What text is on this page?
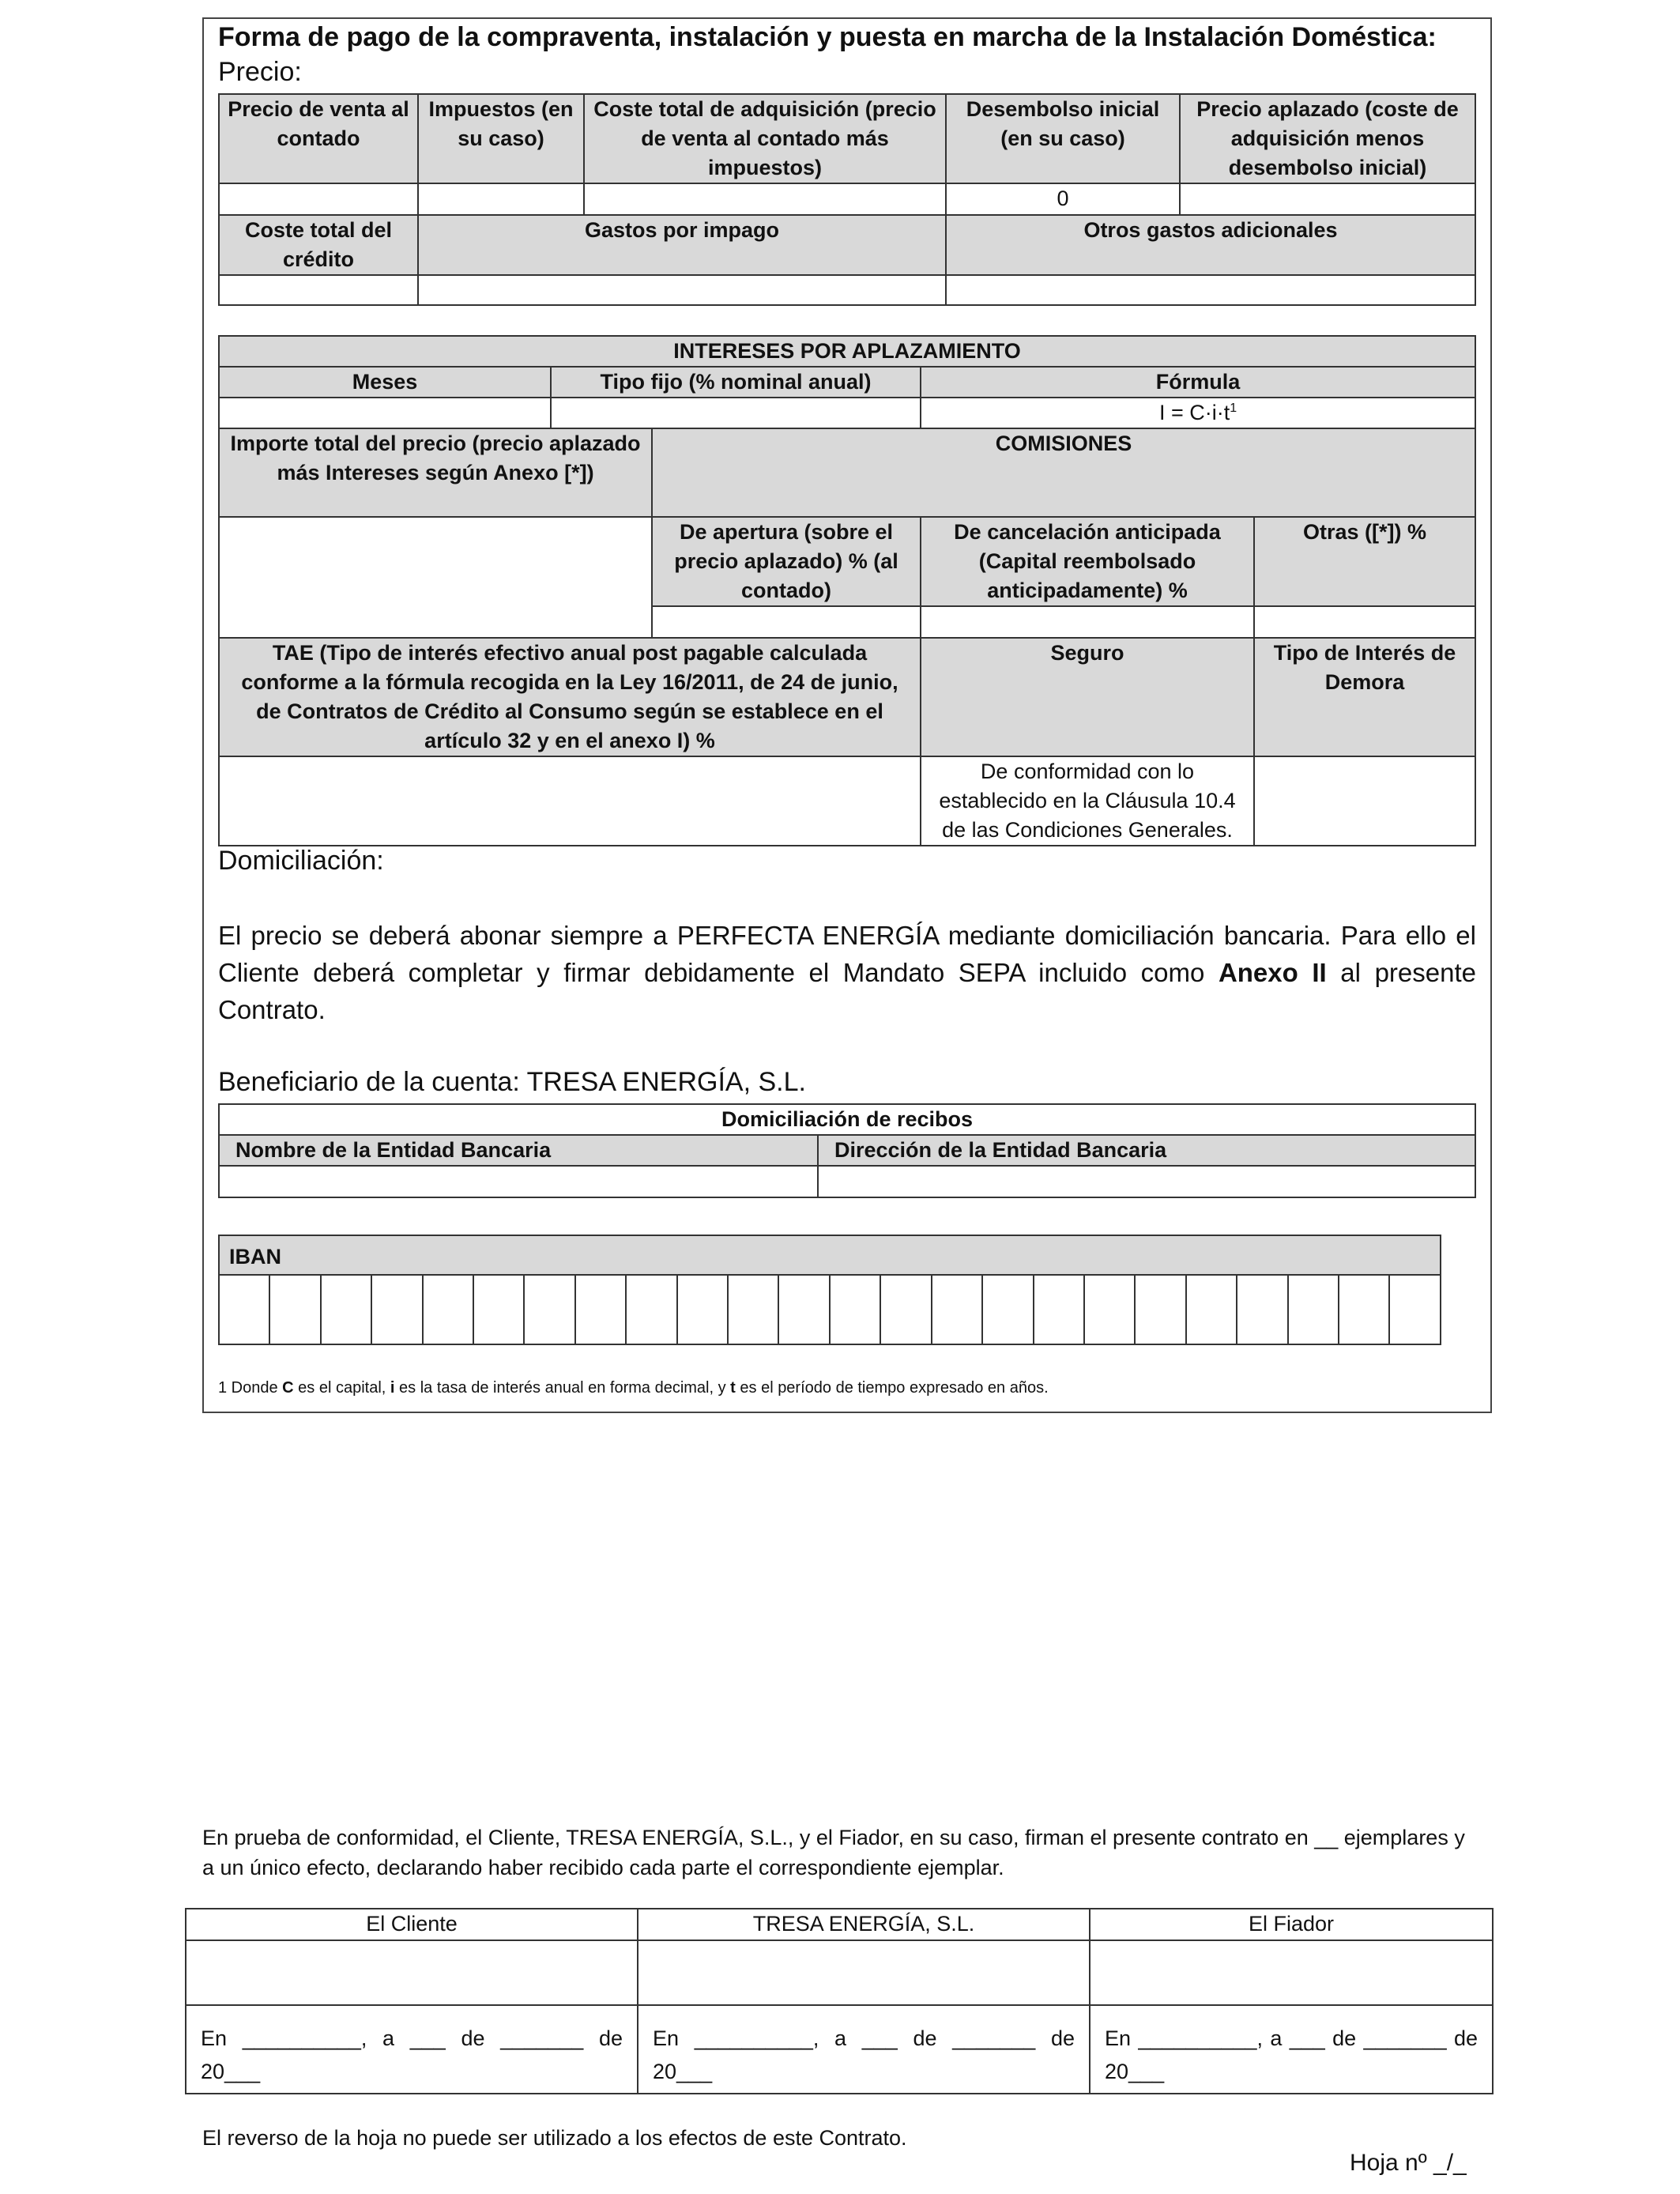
Forma de pago de la compraventa, instalación y puesta en marcha de la Instalación Doméstica:
Precio:
Precio de venta al contado	Impuestos (en su caso)	Coste total de adquisición (precio de venta al contado más impuestos)	Desembolso inicial (en su caso)	Precio aplazado (coste de adquisición menos desembolso inicial)
			0	
Coste total del crédito	Gastos por impago		Otros gastos adicionales	

INTERESES POR APLAZAMIENTO				
Meses	Tipo fijo (% nominal anual)		Fórmula	
			$I = C\cdot i\cdot t^1$
Importe total del precio (precio aplazado más Intereses según Anexo [*])		COMISIONES		
		De apertura (sobre el precio aplazado) % (al contado)	De cancelación anticipada (Capital reembolsado anticipadamente) %	Otras ([*]) %

TAE (Tipo de interés efectivo anual post pagable calculada conforme a la fórmula recogida en la Ley 16/2011, de 24 de junio, de Contratos de Crédito al Consumo según se establece en el artículo 32 y en el anexo I) %			Seguro	Tipo de Interés de Demora
			De conformidad con lo establecido en la Cláusula 10.4 de las Condiciones Generales.	
Domiciliación:
El precio se deberá abonar siempre a PERFECTA ENERGÍA mediante domiciliación bancaria. Para ello el Cliente deberá completar y firmar debidamente el Mandato SEPA incluido como Anexo II al presente Contrato.
Beneficiario de la cuenta: TRESA ENERGÍA, S.L.
Domiciliación de recibos	
Nombre de la Entidad Bancaria	Dirección de la Entidad Bancaria

IBAN

1 Donde C es el capital, i es la tasa de interés anual en forma decimal, y t es el período de tiempo expresado en años.
En prueba de conformidad, el Cliente, TRESA ENERGÍA, S.L., y el Fiador, en su caso, firman el presente contrato en __ ejemplares y a un único efecto, declarando haber recibido cada parte el correspondiente ejemplar.
El Cliente	TRESA ENERGÍA, S.L.	El Fiador

En __________, a ___ de _______ de 20___	En __________, a ___ de _______ de 20___	En __________, a ___ de _______ de 20___
El reverso de la hoja no puede ser utilizado a los efectos de este Contrato.
Hoja nº _/_
